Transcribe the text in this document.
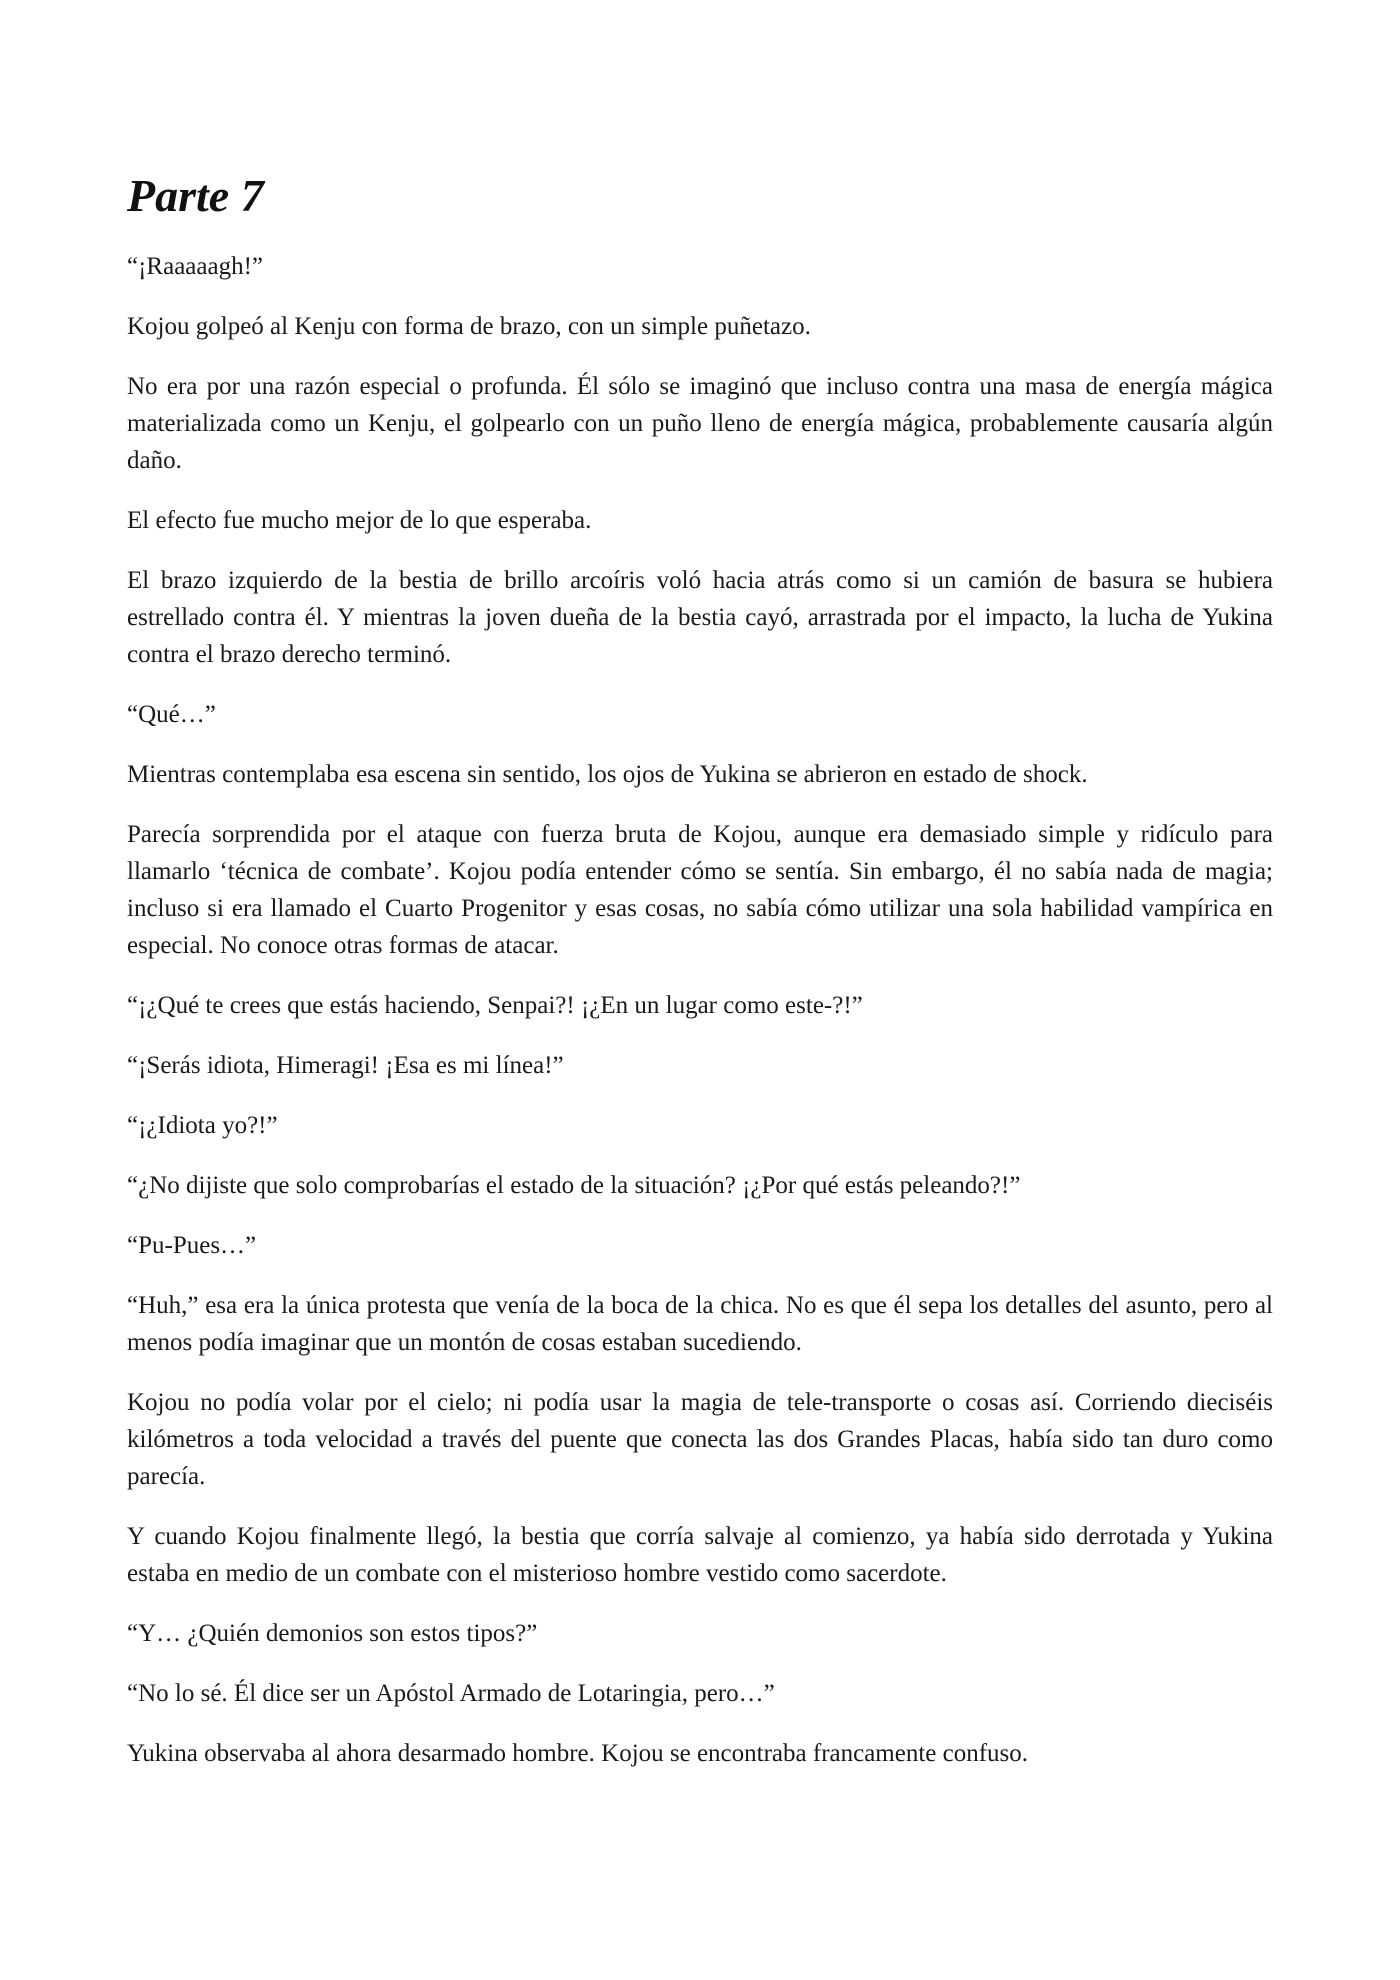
Parte 7

“¡Raaaaagh!”

Kojou golpeó al Kenju con forma de brazo, con un simple puñetazo.

No era por una razón especial o profunda. Él sólo se imaginó que incluso contra una masa de energía mágica materializada como un Kenju, el golpearlo con un puño lleno de energía mágica, probablemente causaría algún daño.

El efecto fue mucho mejor de lo que esperaba.

El brazo izquierdo de la bestia de brillo arcoíris voló hacia atrás como si un camión de basura se hubiera estrellado contra él. Y mientras la joven dueña de la bestia cayó, arrastrada por el impacto, la lucha de Yukina contra el brazo derecho terminó.

“Qué…”

Mientras contemplaba esa escena sin sentido, los ojos de Yukina se abrieron en estado de shock.

Parecía sorprendida por el ataque con fuerza bruta de Kojou, aunque era demasiado simple y ridículo para llamarlo ‘técnica de combate’. Kojou podía entender cómo se sentía. Sin embargo, él no sabía nada de magia; incluso si era llamado el Cuarto Progenitor y esas cosas, no sabía cómo utilizar una sola habilidad vampírica en especial. No conoce otras formas de atacar.

“¡¿Qué te crees que estás haciendo, Senpai?! ¡¿En un lugar como este-?!”

“¡Serás idiota, Himeragi! ¡Esa es mi línea!”

“¡¿Idiota yo?!”

“¿No dijiste que solo comprobarías el estado de la situación? ¡¿Por qué estás peleando?!”

“Pu-Pues…”

“Huh,” esa era la única protesta que venía de la boca de la chica. No es que él sepa los detalles del asunto, pero al menos podía imaginar que un montón de cosas estaban sucediendo.

Kojou no podía volar por el cielo; ni podía usar la magia de tele-transporte o cosas así. Corriendo dieciséis kilómetros a toda velocidad a través del puente que conecta las dos Grandes Placas, había sido tan duro como parecía.

Y cuando Kojou finalmente llegó, la bestia que corría salvaje al comienzo, ya había sido derrotada y Yukina estaba en medio de un combate con el misterioso hombre vestido como sacerdote.

“Y… ¿Quién demonios son estos tipos?”

“No lo sé. Él dice ser un Apóstol Armado de Lotaringia, pero…”

Yukina observaba al ahora desarmado hombre. Kojou se encontraba francamente confuso.
